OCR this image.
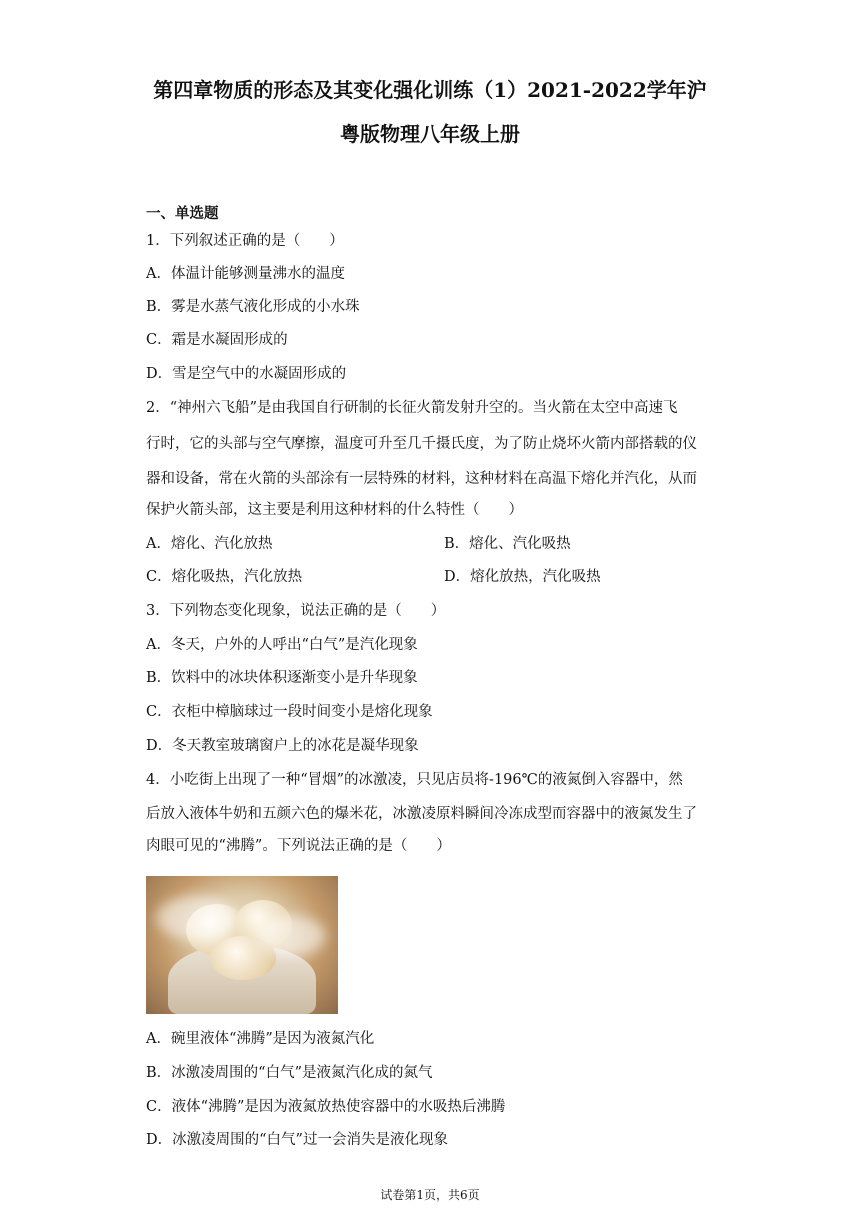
第四章物质的形态及其变化强化训练（1）2021-2022学年沪
粤版物理八年级上册
一、单选题
1．下列叙述正确的是（　　）
A．体温计能够测量沸水的温度
B．雾是水蒸气液化形成的小水珠
C．霜是水凝固形成的
D．雪是空气中的水凝固形成的
2．“神州六飞船”是由我国自行研制的长征火箭发射升空的。当火箭在太空中高速飞
行时，它的头部与空气摩擦，温度可升至几千摄氏度，为了防止烧坏火箭内部搭载的仪
器和设备，常在火箭的头部涂有一层特殊的材料，这种材料在高温下熔化并汽化，从而
保护火箭头部，这主要是利用这种材料的什么特性（　　）
A．熔化、汽化放热	B．熔化、汽化吸热
C．熔化吸热，汽化放热	D．熔化放热，汽化吸热
3．下列物态变化现象，说法正确的是（　　）
A．冬天，户外的人呼出“白气”是汽化现象
B．饮料中的冰块体积逐渐变小是升华现象
C．衣柜中樟脑球过一段时间变小是熔化现象
D．冬天教室玻璃窗户上的冰花是凝华现象
4．小吃街上出现了一种“冒烟”的冰激凌，只见店员将-196℃的液氮倒入容器中，然
后放入液体牛奶和五颜六色的爆米花，冰激凌原料瞬间冷冻成型而容器中的液氮发生了
肉眼可见的“沸腾”。下列说法正确的是（　　）
A．碗里液体“沸腾”是因为液氮汽化
B．冰激凌周围的“白气”是液氮汽化成的氮气
C．液体“沸腾”是因为液氮放热使容器中的水吸热后沸腾
D．冰激凌周围的“白气”过一会消失是液化现象
试卷第1页，共6页
